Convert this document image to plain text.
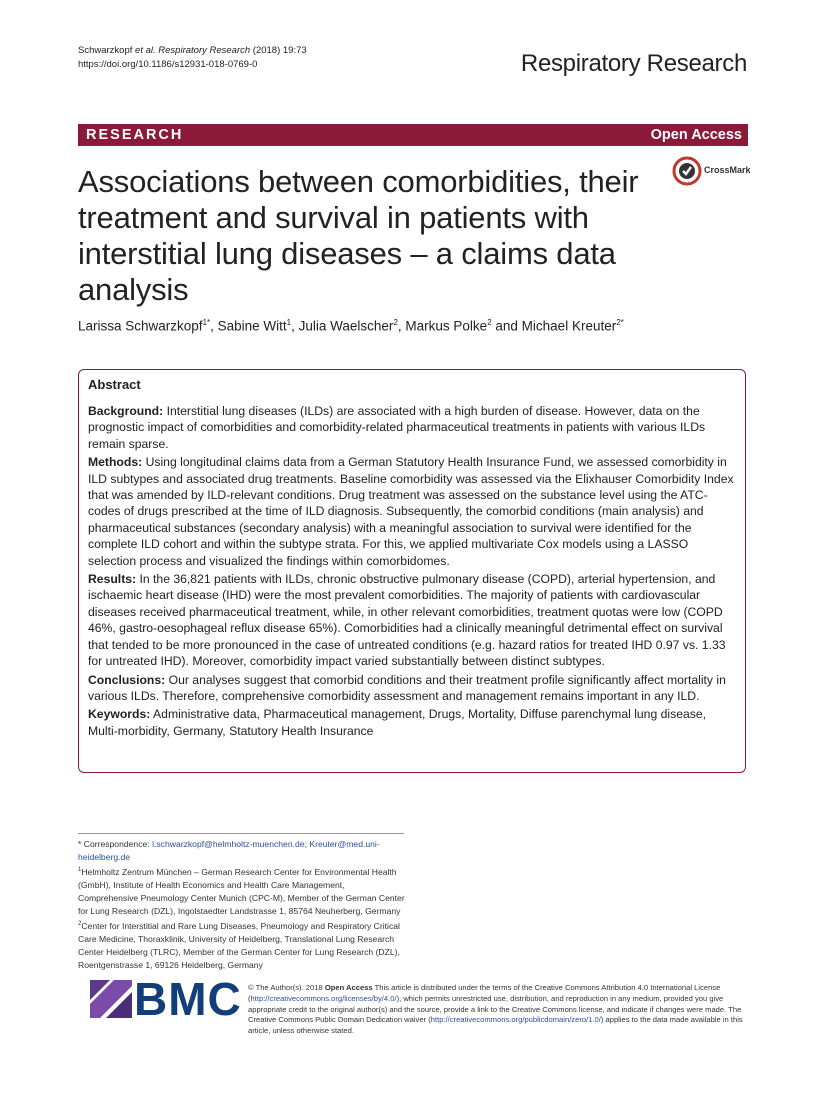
Schwarzkopf et al. Respiratory Research (2018) 19:73
https://doi.org/10.1186/s12931-018-0769-0	Respiratory Research
RESEARCH	Open Access
Associations between comorbidities, their treatment and survival in patients with interstitial lung diseases – a claims data analysis
CrossMark
Larissa Schwarzkopf$^{1*}$, Sabine Witt$^1$, Julia Waelscher$^2$, Markus Polke$^2$ and Michael Kreuter$^{2*}$
Abstract

Background: Interstitial lung diseases (ILDs) are associated with a high burden of disease. However, data on the prognostic impact of comorbidities and comorbidity-related pharmaceutical treatments in patients with various ILDs remain sparse.

Methods: Using longitudinal claims data from a German Statutory Health Insurance Fund, we assessed comorbidity in ILD subtypes and associated drug treatments. Baseline comorbidity was assessed via the Elixhauser Comorbidity Index that was amended by ILD-relevant conditions. Drug treatment was assessed on the substance level using the ATC-codes of drugs prescribed at the time of ILD diagnosis. Subsequently, the comorbid conditions (main analysis) and pharmaceutical substances (secondary analysis) with a meaningful association to survival were identified for the complete ILD cohort and within the subtype strata. For this, we applied multivariate Cox models using a LASSO selection process and visualized the findings within comorbidomes.

Results: In the 36,821 patients with ILDs, chronic obstructive pulmonary disease (COPD), arterial hypertension, and ischaemic heart disease (IHD) were the most prevalent comorbidities. The majority of patients with cardiovascular diseases received pharmaceutical treatment, while, in other relevant comorbidities, treatment quotas were low (COPD 46%, gastro-oesophageal reflux disease 65%). Comorbidities had a clinically meaningful detrimental effect on survival that tended to be more pronounced in the case of untreated conditions (e.g. hazard ratios for treated IHD 0.97 vs. 1.33 for untreated IHD). Moreover, comorbidity impact varied substantially between distinct subtypes.

Conclusions: Our analyses suggest that comorbid conditions and their treatment profile significantly affect mortality in various ILDs. Therefore, comprehensive comorbidity assessment and management remains important in any ILD.

Keywords: Administrative data, Pharmaceutical management, Drugs, Mortality, Diffuse parenchymal lung disease, Multi-morbidity, Germany, Statutory Health Insurance

* Correspondence: l.schwarzkopf@helmholtz-muenchen.de; Kreuter@med.uni-heidelberg.de

$^1$Helmholtz Zentrum München – German Research Center for Environmental Health (GmbH), Institute of Health Economics and Health Care Management, Comprehensive Pneumology Center Munich (CPC-M), Member of the German Center for Lung Research (DZL), Ingolstaedter Landstrasse 1, 85764 Neuherberg, Germany

$^2$Center for Interstitial and Rare Lung Diseases, Pneumology and Respiratory Critical Care Medicine, Thoraxklinik, University of Heidelberg, Translational Lung Research Center Heidelberg (TLRC), Member of the German Center for Lung Research (DZL), Roentgenstrasse 1, 69126 Heidelberg, Germany

BMC © The Author(s). 2018 Open Access This article is distributed under the terms of the Creative Commons Attribution 4.0 International License (http://creativecommons.org/licenses/by/4.0/), which permits unrestricted use, distribution, and reproduction in any medium, provided you give appropriate credit to the original author(s) and the source, provide a link to the Creative Commons license, and indicate if changes were made. The Creative Commons Public Domain Dedication waiver (http://creativecommons.org/publicdomain/zero/1.0/) applies to the data made available in this article, unless otherwise stated.
